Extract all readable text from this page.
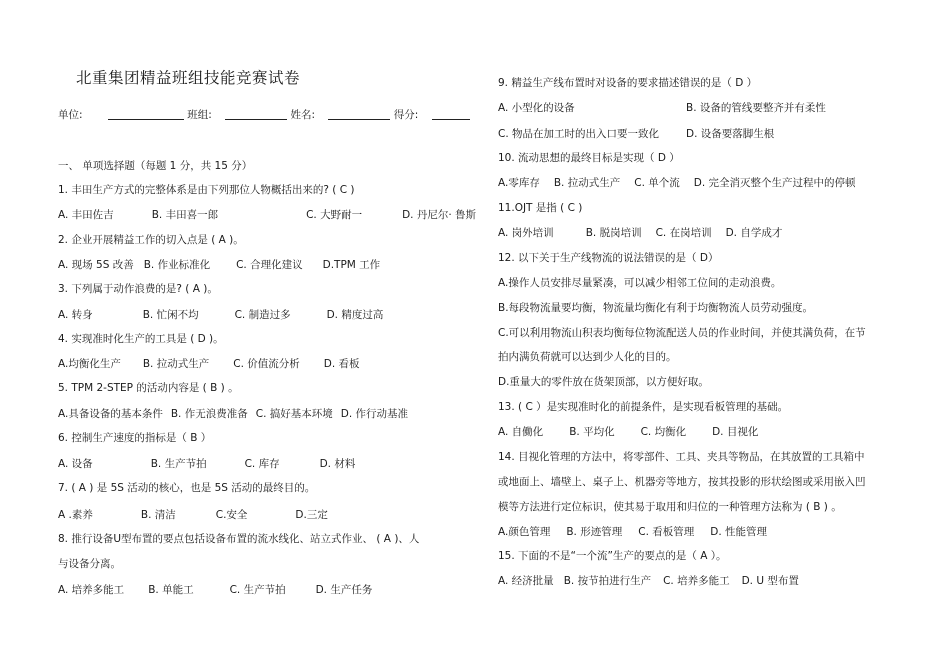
北重集团精益班组技能竞赛试卷
单位:	班组:	姓名:	得分:
一、 单项选择题（每题 1 分，共 15 分）
1. 丰田生产方式的完整体系是由下列那位人物概括出来的? ( C )
A. 丰田佐吉	B. 丰田喜一郎	C. 大野耐一	D. 丹尼尔· 鲁斯
2. 企业开展精益工作的切入点是 ( A )。
A. 现场 5S 改善 B. 作业标准化 C. 合理化建议 D.TPM 工作
3. 下列属于动作浪费的是? ( A )。
A. 转身	B. 忙闲不均	C. 制造过多	D. 精度过高
4. 实现准时化生产的工具是 ( D )。
A.均衡化生产 B. 拉动式生产 C. 价值流分析 D. 看板
5. TPM 2-STEP 的活动内容是 ( B ) 。
A.具备设备的基本条件 B. 作无浪费准备 C. 搞好基本环境 D. 作行动基准
6. 控制生产速度的指标是（ B ）
A. 设备	B. 生产节拍	C. 库存	D. 材料
7. ( A ) 是 5S 活动的核心，也是 5S 活动的最终目的。
A .素养	B. 清洁	C.安全	D.三定
8. 推行设备U型布置的要点包括设备布置的流水线化、站立式作业、 ( A )、人
与设备分离。
A. 培养多能工 B. 单能工	C. 生产节拍	D. 生产任务
9. 精益生产线布置时对设备的要求描述错误的是（ D ）
A. 小型化的设备	B. 设备的管线要整齐并有柔性
C. 物品在加工时的出入口要一致化	D. 设备要落脚生根
10. 流动思想的最终目标是实现（ D ）
A.零库存 B. 拉动式生产 C. 单个流 D. 完全消灭整个生产过程中的停顿
11.OJT 是指 ( C )
A. 岗外培训	B. 脱岗培训 C. 在岗培训 D. 自学成才
12. 以下关于生产线物流的说法错误的是（ D）
A.操作人员安排尽量紧凑，可以减少相邻工位间的走动浪费。
B.每段物流量要均衡，物流量均衡化有利于均衡物流人员劳动强度。
C.可以利用物流山积表均衡每位物流配送人员的作业时间，并使其满负荷，在节
拍内满负荷就可以达到少人化的目的。
D.重量大的零件放在货架顶部，以方便好取。
13. ( C ）是实现准时化的前提条件，是实现看板管理的基础。
A. 自働化 B. 平均化 C. 均衡化 D. 目视化
14. 目视化管理的方法中，将零部件、工具、夹具等物品，在其放置的工具箱中
或地面上、墙壁上、桌子上、机器旁等地方，按其投影的形状绘图或采用嵌入凹
模等方法进行定位标识，使其易于取用和归位的一种管理方法称为 ( B ) 。
A.颜色管理 B. 形迹管理 C. 看板管理 D. 性能管理
15. 下面的不是“一个流”生产的要点的是（ A ）。
A. 经济批量 B. 按节拍进行生产 C. 培养多能工 D. U 型布置
